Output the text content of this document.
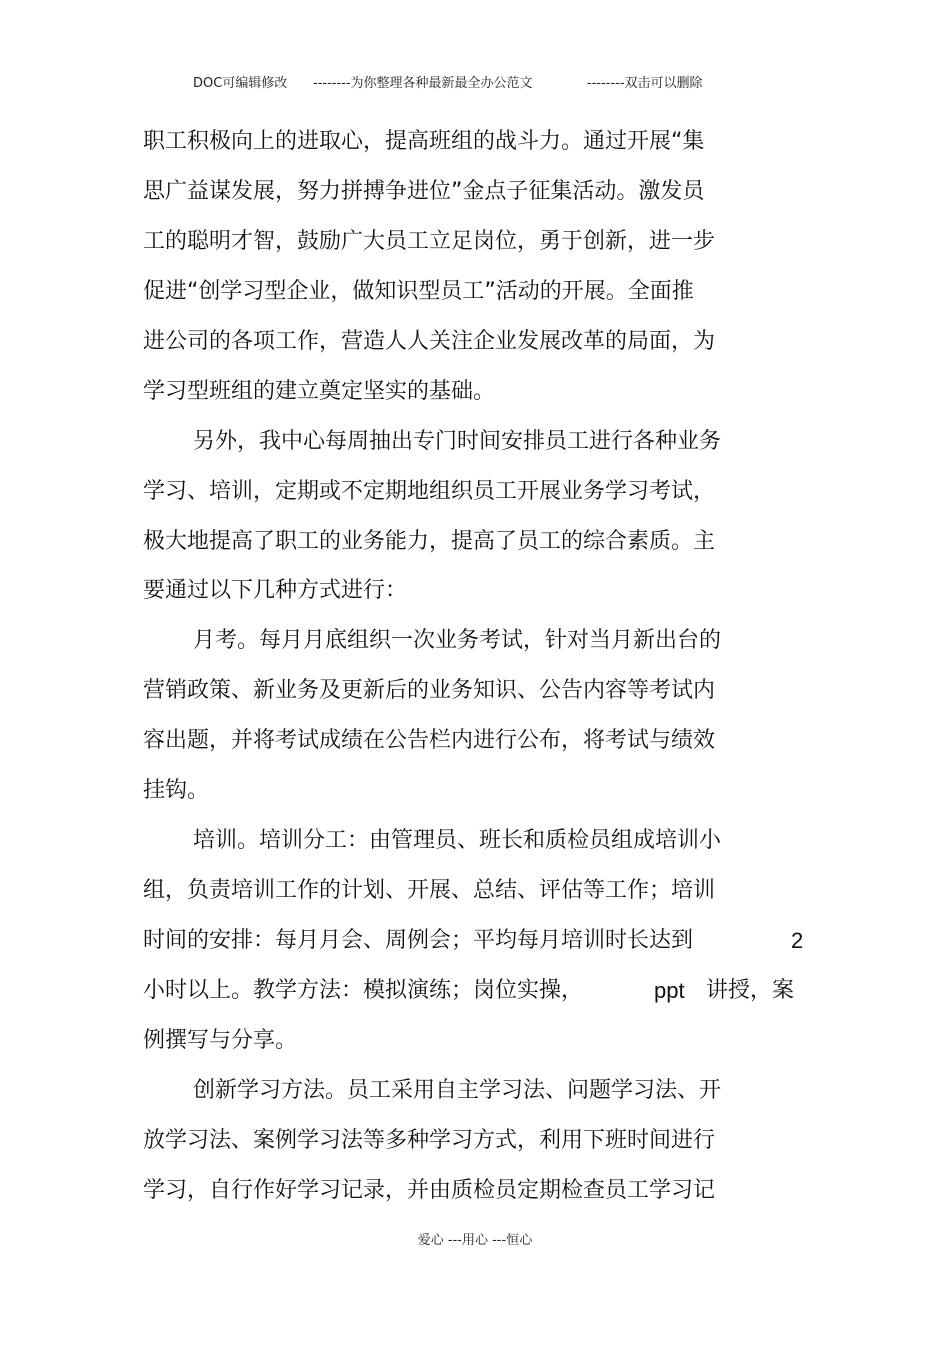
DOC可编辑修改 --------为你整理各种最新最全办公范文	--------双击可以删除
职工积极向上的进取心，提高班组的战斗力。通过开展“集
思广益谋发展，努力拼搏争进位”金点子征集活动。激发员
工的聪明才智，鼓励广大员工立足岗位，勇于创新，进一步
促进“创学习型企业，做知识型员工”活动的开展。全面推
进公司的各项工作，营造人人关注企业发展改革的局面，为
学习型班组的建立奠定坚实的基础。
另外，我中心每周抽出专门时间安排员工进行各种业务
学习、培训，定期或不定期地组织员工开展业务学习考试，
极大地提高了职工的业务能力，提高了员工的综合素质。主
要通过以下几种方式进行：
月考。每月月底组织一次业务考试，针对当月新出台的
营销政策、新业务及更新后的业务知识、公告内容等考试内
容出题，并将考试成绩在公告栏内进行公布，将考试与绩效
挂钩。
培训。培训分工：由管理员、班长和质检员组成培训小
组，负责培训工作的计划、开展、总结、评估等工作；培训
时间的安排：每月月会、周例会；平均每月培训时长达到	2
小时以上。教学方法：模拟演练；岗位实操，	ppt 讲授，案
例撰写与分享。
创新学习方法。员工采用自主学习法、问题学习法、开
放学习法、案例学习法等多种学习方式，利用下班时间进行
学习，自行作好学习记录，并由质检员定期检查员工学习记
爱心 ---用心 ---恒心
